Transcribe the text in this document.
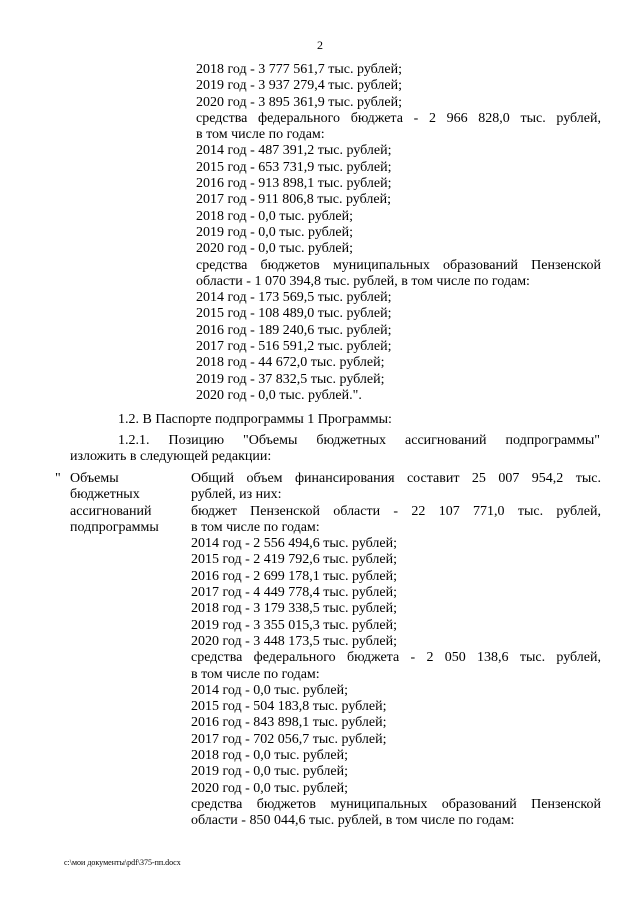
2
2018 год - 3 777 561,7 тыс. рублей;
2019 год - 3 937 279,4 тыс. рублей;
2020 год - 3 895 361,9 тыс. рублей;
средства федерального бюджета - 2 966 828,0 тыс. рублей,
в том числе по годам:
2014 год - 487 391,2 тыс. рублей;
2015 год - 653 731,9 тыс. рублей;
2016 год - 913 898,1 тыс. рублей;
2017 год - 911 806,8 тыс. рублей;
2018 год - 0,0 тыс. рублей;
2019 год - 0,0 тыс. рублей;
2020 год - 0,0 тыс. рублей;
средства бюджетов муниципальных образований Пензенской
области - 1 070 394,8 тыс. рублей, в том числе по годам:
2014 год - 173 569,5 тыс. рублей;
2015 год - 108 489,0 тыс. рублей;
2016 год - 189 240,6 тыс. рублей;
2017 год - 516 591,2 тыс. рублей;
2018 год - 44 672,0 тыс. рублей;
2019 год - 37 832,5 тыс. рублей;
2020 год - 0,0 тыс. рублей.".
1.2. В Паспорте подпрограммы 1 Программы:
1.2.1. Позицию "Объемы бюджетных ассигнований подпрограммы"
изложить в следующей редакции:
" Объемы
бюджетных
ассигнований
подпрограммы
Общий объем финансирования составит 25 007 954,2 тыс.
рублей, из них:
бюджет Пензенской области - 22 107 771,0 тыс. рублей,
в том числе по годам:
2014 год - 2 556 494,6 тыс. рублей;
2015 год - 2 419 792,6 тыс. рублей;
2016 год - 2 699 178,1 тыс. рублей;
2017 год - 4 449 778,4 тыс. рублей;
2018 год - 3 179 338,5 тыс. рублей;
2019 год - 3 355 015,3 тыс. рублей;
2020 год - 3 448 173,5 тыс. рублей;
средства федерального бюджета - 2 050 138,6 тыс. рублей,
в том числе по годам:
2014 год - 0,0 тыс. рублей;
2015 год - 504 183,8 тыс. рублей;
2016 год - 843 898,1 тыс. рублей;
2017 год - 702 056,7 тыс. рублей;
2018 год - 0,0 тыс. рублей;
2019 год - 0,0 тыс. рублей;
2020 год - 0,0 тыс. рублей;
средства бюджетов муниципальных образований Пензенской
области - 850 044,6 тыс. рублей, в том числе по годам:
c:\мои документы\pdf\375-пп.docx
